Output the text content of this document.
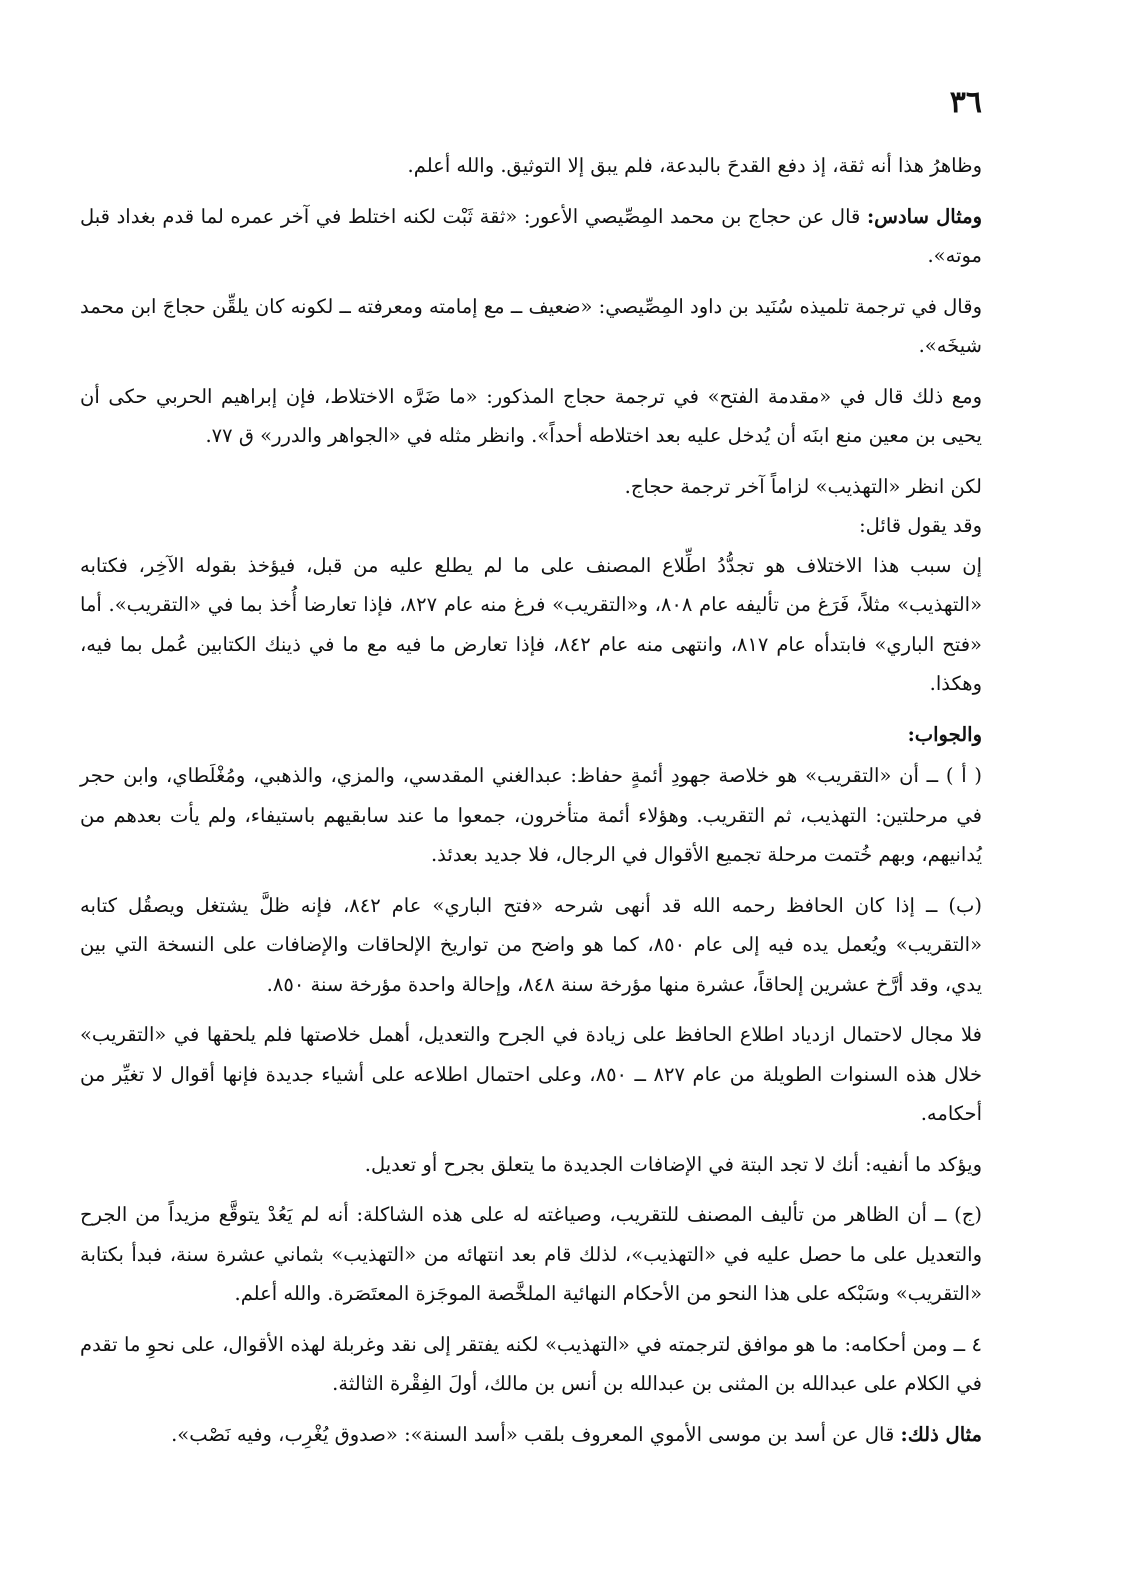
٣٦

وظاهرُ هذا أنه ثقة، إذ دفع القدحَ بالبدعة، فلم يبق إلا التوثيق. والله أعلم.

ومثال سادس: قال عن حجاج بن محمد المِصِّيصي الأعور: «ثقة ثَبْت لكنه اختلط في آخر عمره لما قدم بغداد قبل موته».

وقال في ترجمة تلميذه سُنَيد بن داود المِصِّيصي: «ضعيف ــ مع إمامته ومعرفته ــ لكونه كان يلقِّن حجاجَ ابن محمد شيخَه».

ومع ذلك قال في «مقدمة الفتح» في ترجمة حجاج المذكور: «ما ضَرَّه الاختلاط، فإن إبراهيم الحربي حكى أن يحيى بن معين منع ابنَه أن يُدخل عليه بعد اختلاطه أحداً». وانظر مثله في «الجواهر والدرر» ق ٧٧.

لكن انظر «التهذيب» لزاماً آخر ترجمة حجاج.

وقد يقول قائل:

إن سبب هذا الاختلاف هو تجدُّدُ اطِّلاع المصنف على ما لم يطلع عليه من قبل، فيؤخذ بقوله الآخِر، فكتابه «التهذيب» مثلاً، فَرَغ من تأليفه عام ٨٠٨، و«التقريب» فرغ منه عام ٨٢٧، فإذا تعارضا أُخذ بما في «التقريب». أما «فتح الباري» فابتدأه عام ٨١٧، وانتهى منه عام ٨٤٢، فإذا تعارض ما فيه مع ما في ذينك الكتابين عُمل بما فيه، وهكذا.

والجواب:

( أ ) ــ أن «التقريب» هو خلاصة جهودِ أئمةٍ حفاظ: عبدالغني المقدسي، والمزي، والذهبي، ومُغْلَطاي، وابن حجر في مرحلتين: التهذيب، ثم التقريب. وهؤلاء أئمة متأخرون، جمعوا ما عند سابقيهم باستيفاء، ولم يأت بعدهم من يُدانيهم، وبهم خُتمت مرحلة تجميع الأقوال في الرجال، فلا جديد بعدئذ.

(ب) ــ إذا كان الحافظ رحمه الله قد أنهى شرحه «فتح الباري» عام ٨٤٢، فإنه ظلَّ يشتغل ويصقُل كتابه «التقريب» ويُعمل يده فيه إلى عام ٨٥٠، كما هو واضح من تواريخ الإلحاقات والإضافات على النسخة التي بين يدي، وقد أرَّخ عشرين إلحاقاً، عشرة منها مؤرخة سنة ٨٤٨، وإحالة واحدة مؤرخة سنة ٨٥٠.

فلا مجال لاحتمال ازدياد اطلاع الحافظ على زيادة في الجرح والتعديل، أهمل خلاصتها فلم يلحقها في «التقريب» خلال هذه السنوات الطويلة من عام ٨٢٧ ــ ٨٥٠، وعلى احتمال اطلاعه على أشياء جديدة فإنها أقوال لا تغيِّر من أحكامه.

ويؤكد ما أنفيه: أنك لا تجد البتة في الإضافات الجديدة ما يتعلق بجرح أو تعديل.

(ج) ــ أن الظاهر من تأليف المصنف للتقريب، وصياغته له على هذه الشاكلة: أنه لم يَعُدْ يتوقَّع مزيداً من الجرح والتعديل على ما حصل عليه في «التهذيب»، لذلك قام بعد انتهائه من «التهذيب» بثماني عشرة سنة، فبدأ بكتابة «التقريب» وسَبْكه على هذا النحو من الأحكام النهائية الملخَّصة الموجَزة المعتَصَرة. والله أعلم.

٤ ــ ومن أحكامه: ما هو موافق لترجمته في «التهذيب» لكنه يفتقر إلى نقد وغربلة لهذه الأقوال، على نحوِ ما تقدم في الكلام على عبدالله بن المثنى بن عبدالله بن أنس بن مالك، أولَ الفِقْرة الثالثة.

مثال ذلك: قال عن أسد بن موسى الأموي المعروف بلقب «أسد السنة»: «صدوق يُغْرِب، وفيه نَصْب».
